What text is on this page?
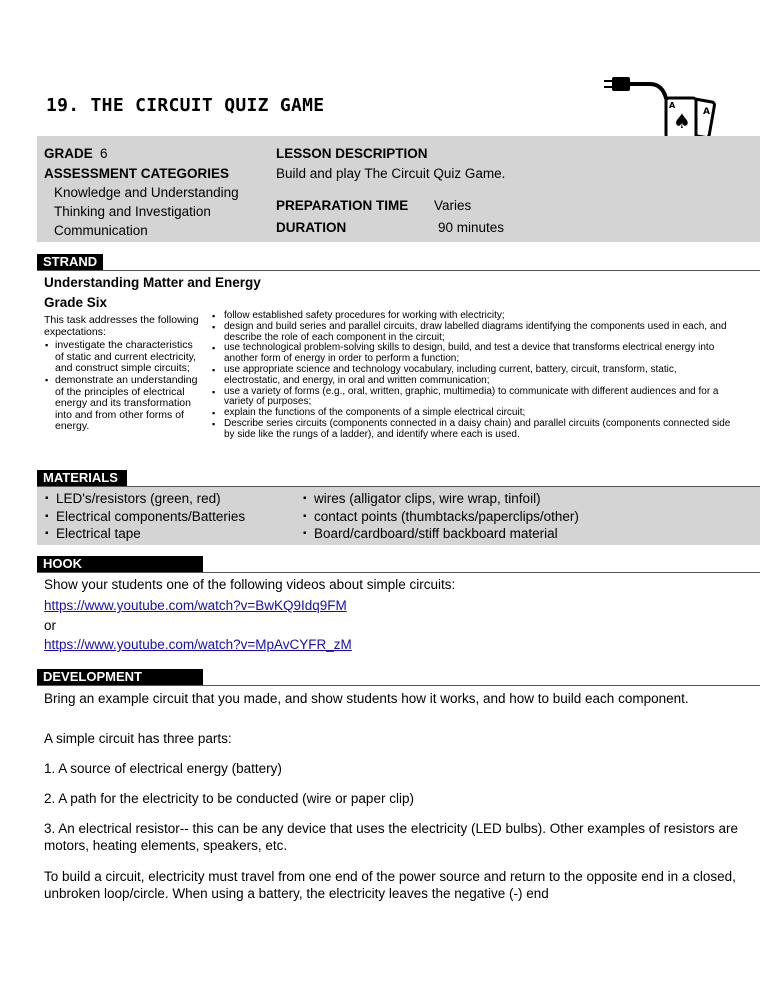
19. THE CIRCUIT QUIZ GAME	A
A
♠
GRADE 6
ASSESSMENT CATEGORIES
Knowledge and Understanding
Thinking and Investigation
Communication
LESSON DESCRIPTION
Build and play The Circuit Quiz Game.
PREPARATION TIME Varies
DURATION	90 minutes
STRAND
Understanding Matter and Energy
Grade Six
This task addresses the following expectations:
▪ investigate the characteristics of static and current electricity, and construct simple circuits;
▪ demonstrate an understanding of the principles of electrical energy and its transformation into and from other forms of energy.
▪ follow established safety procedures for working with electricity;
▪ design and build series and parallel circuits, draw labelled diagrams identifying the components used in each, and describe the role of each component in the circuit;
▪ use technological problem-solving skills to design, build, and test a device that transforms electrical energy into another form of energy in order to perform a function;
▪ use appropriate science and technology vocabulary, including current, battery, circuit, transform, static, electrostatic, and energy, in oral and written communication;
▪ use a variety of forms (e.g., oral, written, graphic, multimedia) to communicate with different audiences and for a variety of purposes;
▪ explain the functions of the components of a simple electrical circuit;
▪ Describe series circuits (components connected in a daisy chain) and parallel circuits (components connected side by side like the rungs of a ladder), and identify where each is used.
MATERIALS
▪ LED's/resistors (green, red)
▪ Electrical components/Batteries
▪ Electrical tape
▪ wires (alligator clips, wire wrap, tinfoil)
▪ contact points (thumbtacks/paperclips/other)
▪ Board/cardboard/stiff backboard material
HOOK
Show your students one of the following videos about simple circuits:
https://www.youtube.com/watch?v=BwKQ9Idq9FM
or
https://www.youtube.com/watch?v=MpAvCYFR_zM
DEVELOPMENT
Bring an example circuit that you made, and show students how it works, and how to build each component.
A simple circuit has three parts:
1. A source of electrical energy (battery)
2. A path for the electricity to be conducted (wire or paper clip)
3. An electrical resistor-- this can be any device that uses the electricity (LED bulbs). Other examples of resistors are motors, heating elements, speakers, etc.
To build a circuit, electricity must travel from one end of the power source and return to the opposite end in a closed, unbroken loop/circle. When using a battery, the electricity leaves the negative (-) end
